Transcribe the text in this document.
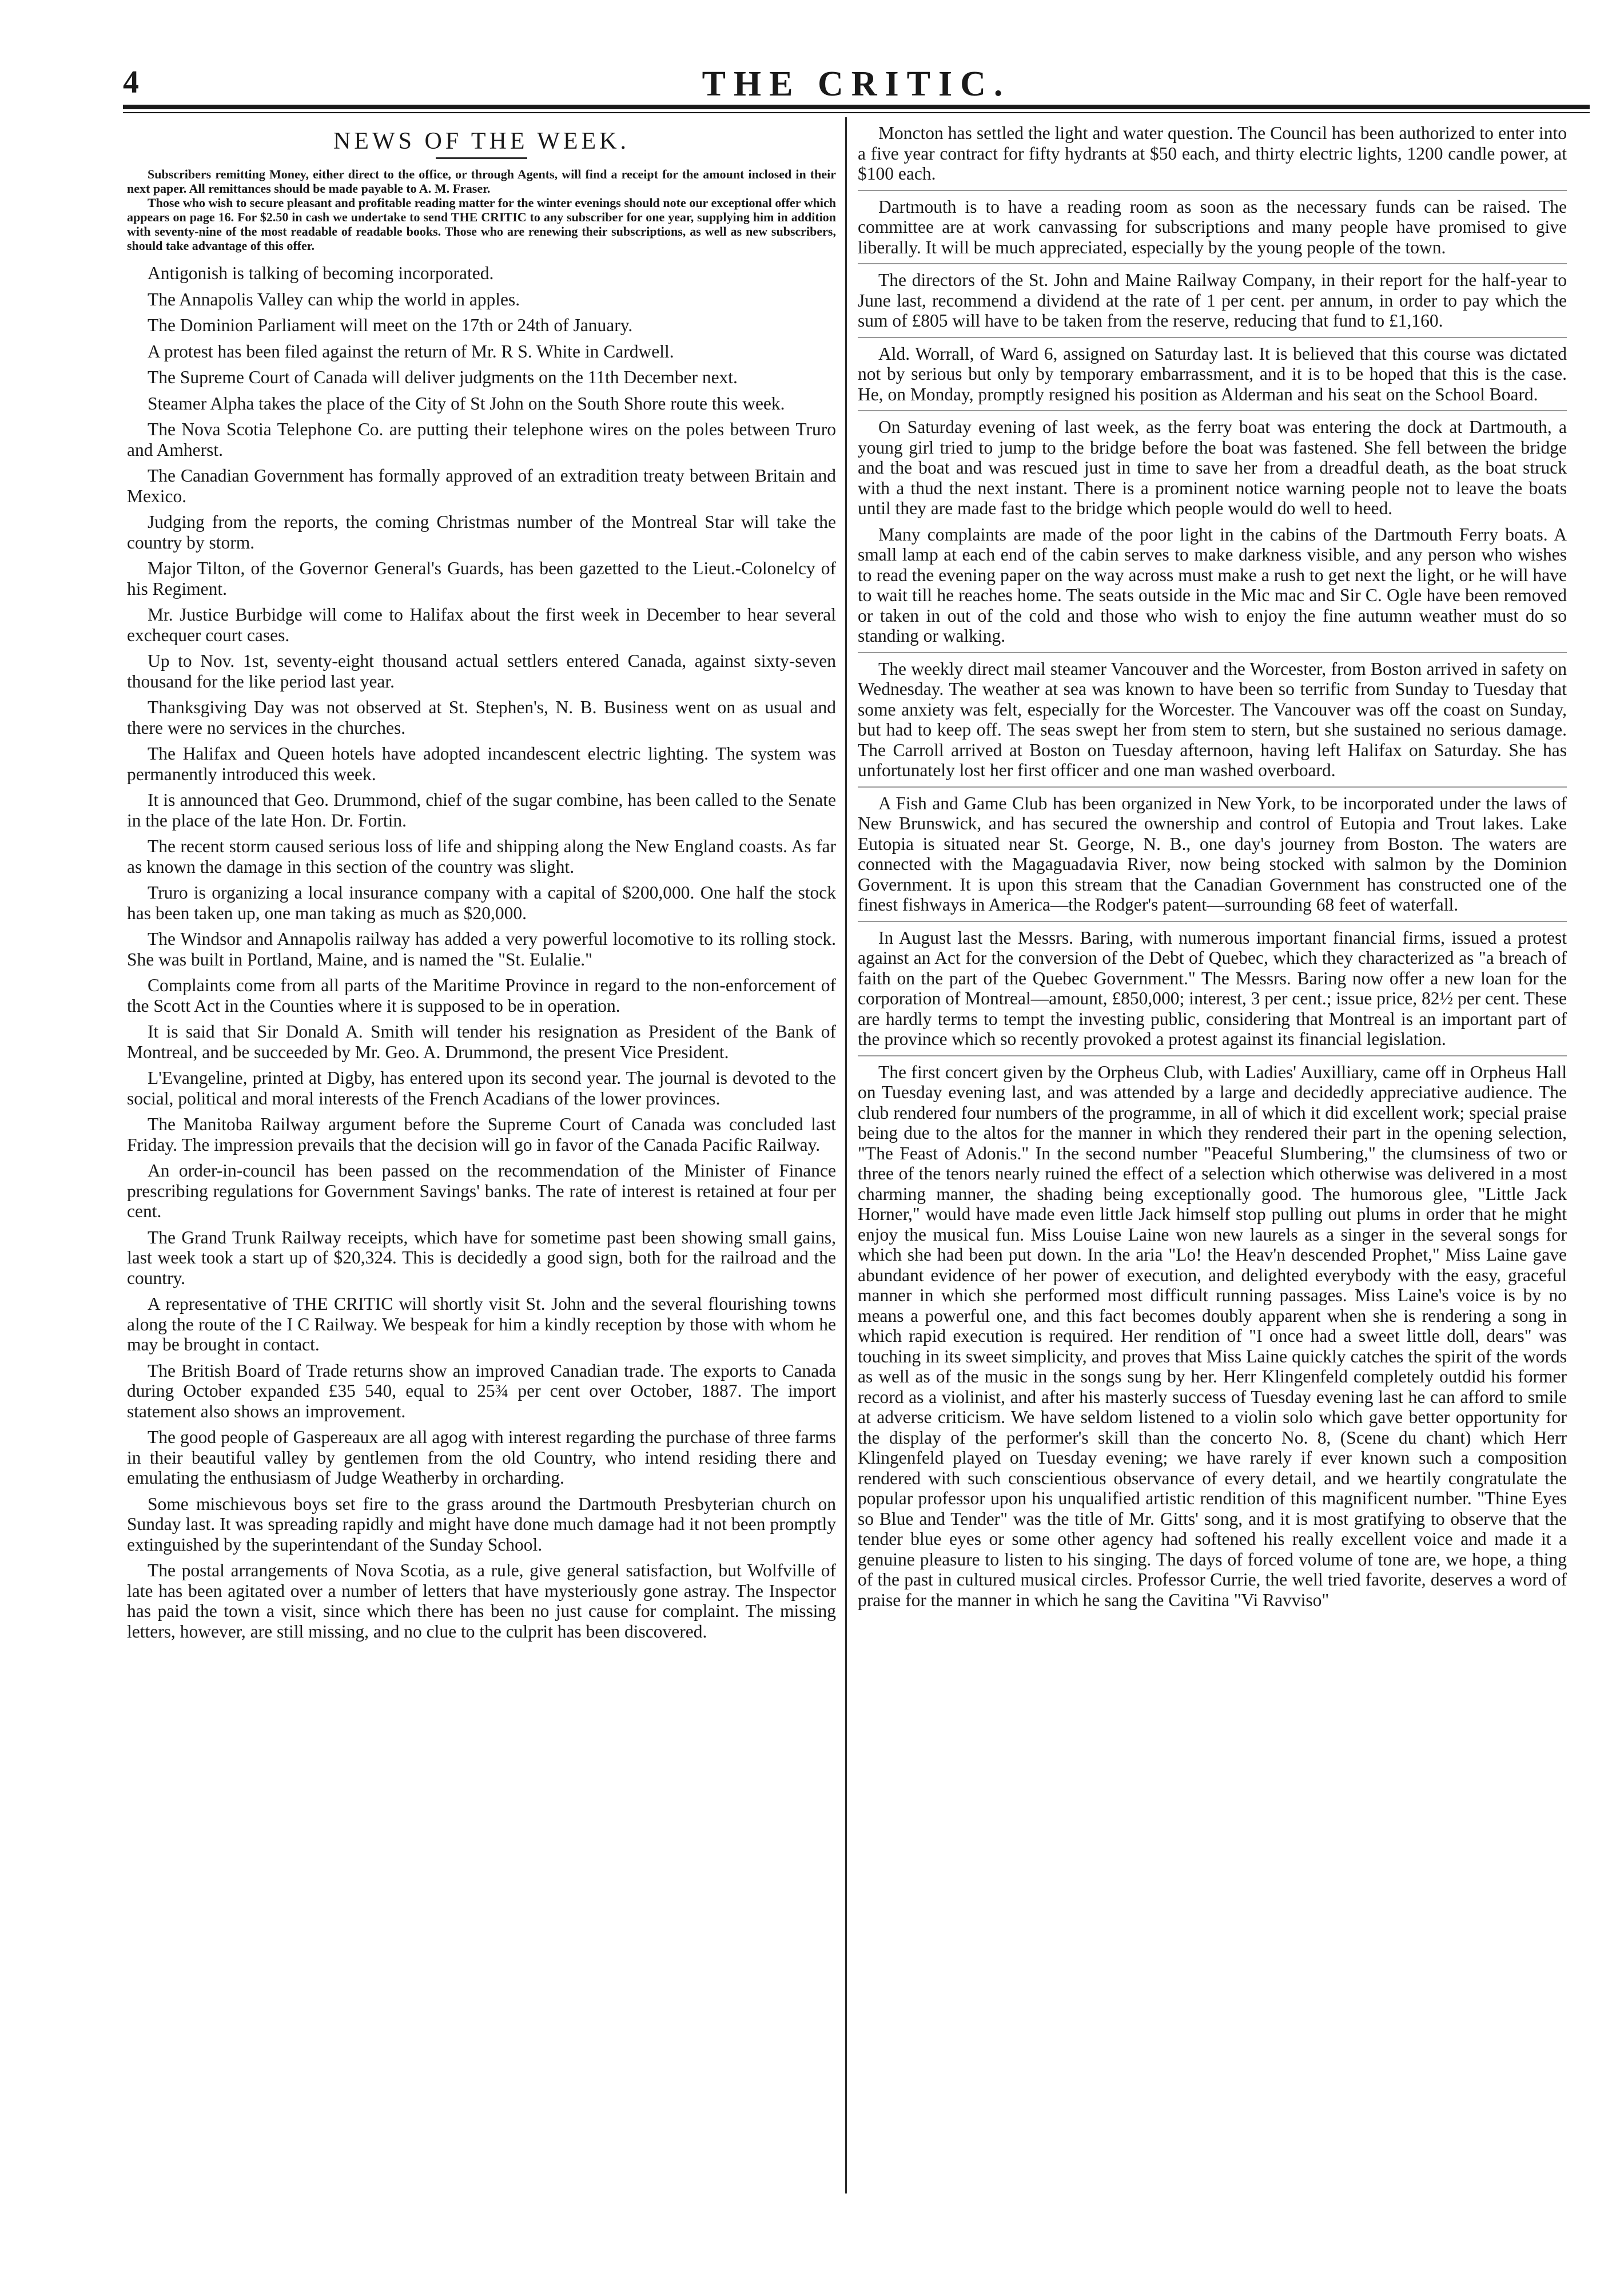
4	THE CRITIC.
NEWS OF THE WEEK.

Subscribers remitting Money, either direct to the office, or through Agents, will find a receipt for the amount inclosed in their next paper. All remittances should be made payable to A. M. Fraser.

Those who wish to secure pleasant and profitable reading matter for the winter evenings should note our exceptional offer which appears on page 16. For $2.50 in cash we undertake to send THE CRITIC to any subscriber for one year, supplying him in addition with seventy-nine of the most readable of readable books. Those who are renewing their subscriptions, as well as new subscribers, should take advantage of this offer.

Antigonish is talking of becoming incorporated.

The Annapolis Valley can whip the world in apples.

The Dominion Parliament will meet on the 17th or 24th of January.

A protest has been filed against the return of Mr. R S. White in Cardwell.

The Supreme Court of Canada will deliver judgments on the 11th December next.

Steamer Alpha takes the place of the City of St John on the South Shore route this week.

The Nova Scotia Telephone Co. are putting their telephone wires on the poles between Truro and Amherst.

The Canadian Government has formally approved of an extradition treaty between Britain and Mexico.

Judging from the reports, the coming Christmas number of the Montreal Star will take the country by storm.

Major Tilton, of the Governor General's Guards, has been gazetted to the Lieut.-Colonelcy of his Regiment.

Mr. Justice Burbidge will come to Halifax about the first week in December to hear several exchequer court cases.

Up to Nov. 1st, seventy-eight thousand actual settlers entered Canada, against sixty-seven thousand for the like period last year.

Thanksgiving Day was not observed at St. Stephen's, N. B. Business went on as usual and there were no services in the churches.

The Halifax and Queen hotels have adopted incandescent electric lighting. The system was permanently introduced this week.

It is announced that Geo. Drummond, chief of the sugar combine, has been called to the Senate in the place of the late Hon. Dr. Fortin.

The recent storm caused serious loss of life and shipping along the New England coasts. As far as known the damage in this section of the country was slight.

Truro is organizing a local insurance company with a capital of $200,000. One half the stock has been taken up, one man taking as much as $20,000.

The Windsor and Annapolis railway has added a very powerful locomotive to its rolling stock. She was built in Portland, Maine, and is named the "St. Eulalie."

Complaints come from all parts of the Maritime Province in regard to the non-enforcement of the Scott Act in the Counties where it is supposed to be in operation.

It is said that Sir Donald A. Smith will tender his resignation as President of the Bank of Montreal, and be succeeded by Mr. Geo. A. Drummond, the present Vice President.

L'Evangeline, printed at Digby, has entered upon its second year. The journal is devoted to the social, political and moral interests of the French Acadians of the lower provinces.

The Manitoba Railway argument before the Supreme Court of Canada was concluded last Friday. The impression prevails that the decision will go in favor of the Canada Pacific Railway.

An order-in-council has been passed on the recommendation of the Minister of Finance prescribing regulations for Government Savings' banks. The rate of interest is retained at four per cent.

The Grand Trunk Railway receipts, which have for sometime past been showing small gains, last week took a start up of $20,324. This is decidedly a good sign, both for the railroad and the country.

A representative of THE CRITIC will shortly visit St. John and the several flourishing towns along the route of the I C Railway. We bespeak for him a kindly reception by those with whom he may be brought in contact.

The British Board of Trade returns show an improved Canadian trade. The exports to Canada during October expanded £35 540, equal to 25¾ per cent over October, 1887. The import statement also shows an improvement.

The good people of Gaspereaux are all agog with interest regarding the purchase of three farms in their beautiful valley by gentlemen from the old Country, who intend residing there and emulating the enthusiasm of Judge Weatherby in orcharding.

Some mischievous boys set fire to the grass around the Dartmouth Presbyterian church on Sunday last. It was spreading rapidly and might have done much damage had it not been promptly extinguished by the superintendant of the Sunday School.

The postal arrangements of Nova Scotia, as a rule, give general satisfaction, but Wolfville of late has been agitated over a number of letters that have mysteriously gone astray. The Inspector has paid the town a visit, since which there has been no just cause for complaint. The missing letters, however, are still missing, and no clue to the culprit has been discovered.

Moncton has settled the light and water question. The Council has been authorized to enter into a five year contract for fifty hydrants at $50 each, and thirty electric lights, 1200 candle power, at $100 each.

Dartmouth is to have a reading room as soon as the necessary funds can be raised. The committee are at work canvassing for subscriptions and many people have promised to give liberally. It will be much appreciated, especially by the young people of the town.

The directors of the St. John and Maine Railway Company, in their report for the half-year to June last, recommend a dividend at the rate of 1 per cent. per annum, in order to pay which the sum of £805 will have to be taken from the reserve, reducing that fund to £1,160.

Ald. Worrall, of Ward 6, assigned on Saturday last. It is believed that this course was dictated not by serious but only by temporary embarrassment, and it is to be hoped that this is the case. He, on Monday, promptly resigned his position as Alderman and his seat on the School Board.

On Saturday evening of last week, as the ferry boat was entering the dock at Dartmouth, a young girl tried to jump to the bridge before the boat was fastened. She fell between the bridge and the boat and was rescued just in time to save her from a dreadful death, as the boat struck with a thud the next instant. There is a prominent notice warning people not to leave the boats until they are made fast to the bridge which people would do well to heed.

Many complaints are made of the poor light in the cabins of the Dartmouth Ferry boats. A small lamp at each end of the cabin serves to make darkness visible, and any person who wishes to read the evening paper on the way across must make a rush to get next the light, or he will have to wait till he reaches home. The seats outside in the Mic mac and Sir C. Ogle have been removed or taken in out of the cold and those who wish to enjoy the fine autumn weather must do so standing or walking.

The weekly direct mail steamer Vancouver and the Worcester, from Boston arrived in safety on Wednesday. The weather at sea was known to have been so terrific from Sunday to Tuesday that some anxiety was felt, especially for the Worcester. The Vancouver was off the coast on Sunday, but had to keep off. The seas swept her from stem to stern, but she sustained no serious damage. The Carroll arrived at Boston on Tuesday afternoon, having left Halifax on Saturday. She has unfortunately lost her first officer and one man washed overboard.

A Fish and Game Club has been organized in New York, to be incorporated under the laws of New Brunswick, and has secured the ownership and control of Eutopia and Trout lakes. Lake Eutopia is situated near St. George, N. B., one day's journey from Boston. The waters are connected with the Magaguadavia River, now being stocked with salmon by the Dominion Government. It is upon this stream that the Canadian Government has constructed one of the finest fishways in America—the Rodger's patent—surrounding 68 feet of waterfall.

In August last the Messrs. Baring, with numerous important financial firms, issued a protest against an Act for the conversion of the Debt of Quebec, which they characterized as "a breach of faith on the part of the Quebec Government." The Messrs. Baring now offer a new loan for the corporation of Montreal—amount, £850,000; interest, 3 per cent.; issue price, 82½ per cent. These are hardly terms to tempt the investing public, considering that Montreal is an important part of the province which so recently provoked a protest against its financial legislation.

The first concert given by the Orpheus Club, with Ladies' Auxilliary, came off in Orpheus Hall on Tuesday evening last, and was attended by a large and decidedly appreciative audience. The club rendered four numbers of the programme, in all of which it did excellent work; special praise being due to the altos for the manner in which they rendered their part in the opening selection, "The Feast of Adonis." In the second number "Peaceful Slumbering," the clumsiness of two or three of the tenors nearly ruined the effect of a selection which otherwise was delivered in a most charming manner, the shading being exceptionally good. The humorous glee, "Little Jack Horner," would have made even little Jack himself stop pulling out plums in order that he might enjoy the musical fun. Miss Louise Laine won new laurels as a singer in the several songs for which she had been put down. In the aria "Lo! the Heav'n descended Prophet," Miss Laine gave abundant evidence of her power of execution, and delighted everybody with the easy, graceful manner in which she performed most difficult running passages. Miss Laine's voice is by no means a powerful one, and this fact becomes doubly apparent when she is rendering a song in which rapid execution is required. Her rendition of "I once had a sweet little doll, dears" was touching in its sweet simplicity, and proves that Miss Laine quickly catches the spirit of the words as well as of the music in the songs sung by her. Herr Klingenfeld completely outdid his former record as a violinist, and after his masterly success of Tuesday evening last he can afford to smile at adverse criticism. We have seldom listened to a violin solo which gave better opportunity for the display of the performer's skill than the concerto No. 8, (Scene du chant) which Herr Klingenfeld played on Tuesday evening; we have rarely if ever known such a composition rendered with such conscientious observance of every detail, and we heartily congratulate the popular professor upon his unqualified artistic rendition of this magnificent number. "Thine Eyes so Blue and Tender" was the title of Mr. Gitts' song, and it is most gratifying to observe that the tender blue eyes or some other agency had softened his really excellent voice and made it a genuine pleasure to listen to his singing. The days of forced volume of tone are, we hope, a thing of the past in cultured musical circles. Professor Currie, the well tried favorite, deserves a word of praise for the manner in which he sang the Cavitina "Vi Ravviso"
